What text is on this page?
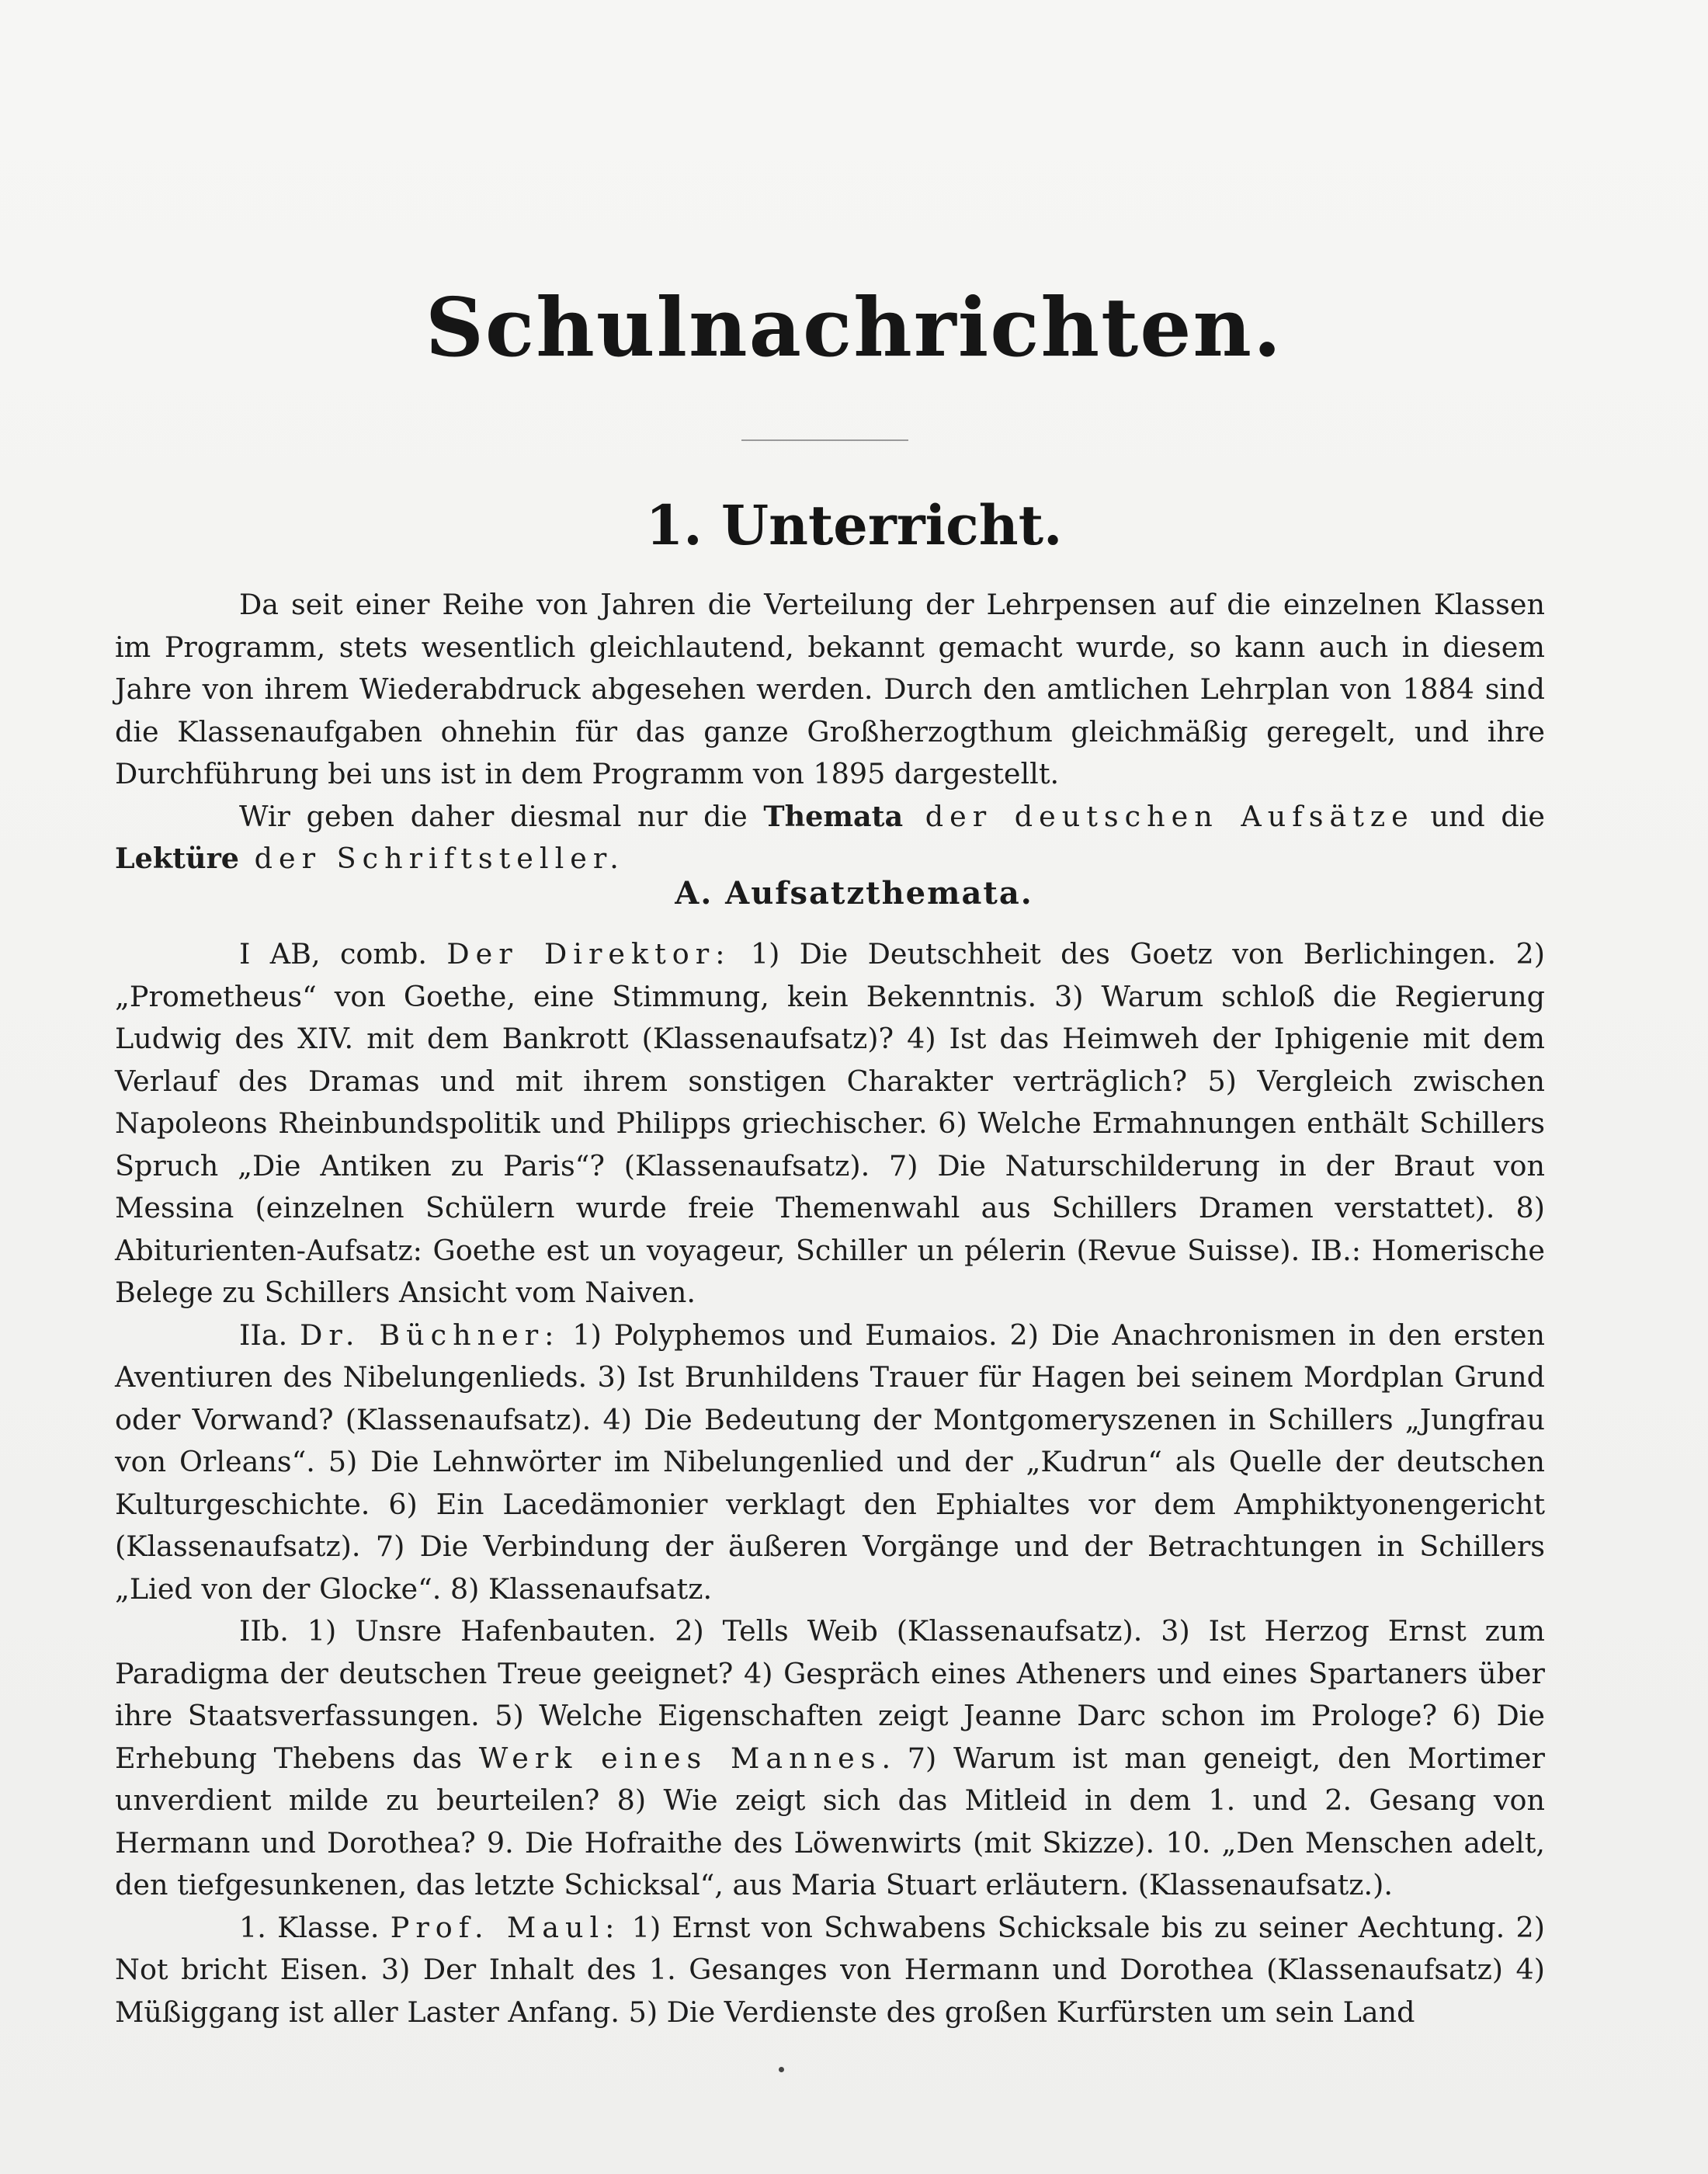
Schulnachrichten.
1. Unterricht.

Da seit einer Reihe von Jahren die Verteilung der Lehrpensen auf die einzelnen Klassen im Programm, stets wesentlich gleichlautend, bekannt gemacht wurde, so kann auch in diesem Jahre von ihrem Wiederabdruck abgesehen werden. Durch den amtlichen Lehrplan von 1884 sind die Klassenaufgaben ohnehin für das ganze Großherzogthum gleichmäßig geregelt, und ihre Durchführung bei uns ist in dem Programm von 1895 dargestellt.

Wir geben daher diesmal nur die Themata der deutschen Aufsätze und die Lektüre der Schriftsteller.

A. Aufsatzthemata.

I AB, comb. Der Direktor: 1) Die Deutschheit des Goetz von Berlichingen. 2) „Prometheus“ von Goethe, eine Stimmung, kein Bekenntnis. 3) Warum schloß die Regierung Ludwig des XIV. mit dem Bankrott (Klassenaufsatz)? 4) Ist das Heimweh der Iphigenie mit dem Verlauf des Dramas und mit ihrem sonstigen Charakter verträglich? 5) Vergleich zwischen Napoleons Rheinbundspolitik und Philipps griechischer. 6) Welche Ermahnungen enthält Schillers Spruch „Die Antiken zu Paris“? (Klassenaufsatz). 7) Die Naturschilderung in der Braut von Messina (einzelnen Schülern wurde freie Themenwahl aus Schillers Dramen verstattet). 8) Abiturienten-Aufsatz: Goethe est un voyageur, Schiller un pélerin (Revue Suisse). IB.: Homerische Belege zu Schillers Ansicht vom Naiven.

IIa. Dr. Büchner: 1) Polyphemos und Eumaios. 2) Die Anachronismen in den ersten Aventiuren des Nibelungenlieds. 3) Ist Brunhildens Trauer für Hagen bei seinem Mordplan Grund oder Vorwand? (Klassenaufsatz). 4) Die Bedeutung der Montgomeryszenen in Schillers „Jungfrau von Orleans“. 5) Die Lehnwörter im Nibelungenlied und der „Kudrun“ als Quelle der deutschen Kulturgeschichte. 6) Ein Lacedämonier verklagt den Ephialtes vor dem Amphiktyonengericht (Klassenaufsatz). 7) Die Verbindung der äußeren Vorgänge und der Betrachtungen in Schillers „Lied von der Glocke“. 8) Klassenaufsatz.

IIb. 1) Unsre Hafenbauten. 2) Tells Weib (Klassenaufsatz). 3) Ist Herzog Ernst zum Paradigma der deutschen Treue geeignet? 4) Gespräch eines Atheners und eines Spartaners über ihre Staatsverfassungen. 5) Welche Eigenschaften zeigt Jeanne Darc schon im Prologe? 6) Die Erhebung Thebens das Werk eines Mannes. 7) Warum ist man geneigt, den Mortimer unverdient milde zu beurteilen? 8) Wie zeigt sich das Mitleid in dem 1. und 2. Gesang von Hermann und Dorothea? 9. Die Hofraithe des Löwenwirts (mit Skizze). 10. „Den Menschen adelt, den tiefgesunkenen, das letzte Schicksal“, aus Maria Stuart erläutern. (Klassenaufsatz.).

1. Klasse. Prof. Maul: 1) Ernst von Schwabens Schicksale bis zu seiner Aechtung. 2) Not bricht Eisen. 3) Der Inhalt des 1. Gesanges von Hermann und Dorothea (Klassenaufsatz) 4) Müßiggang ist aller Laster Anfang. 5) Die Verdienste des großen Kurfürsten um sein Land
